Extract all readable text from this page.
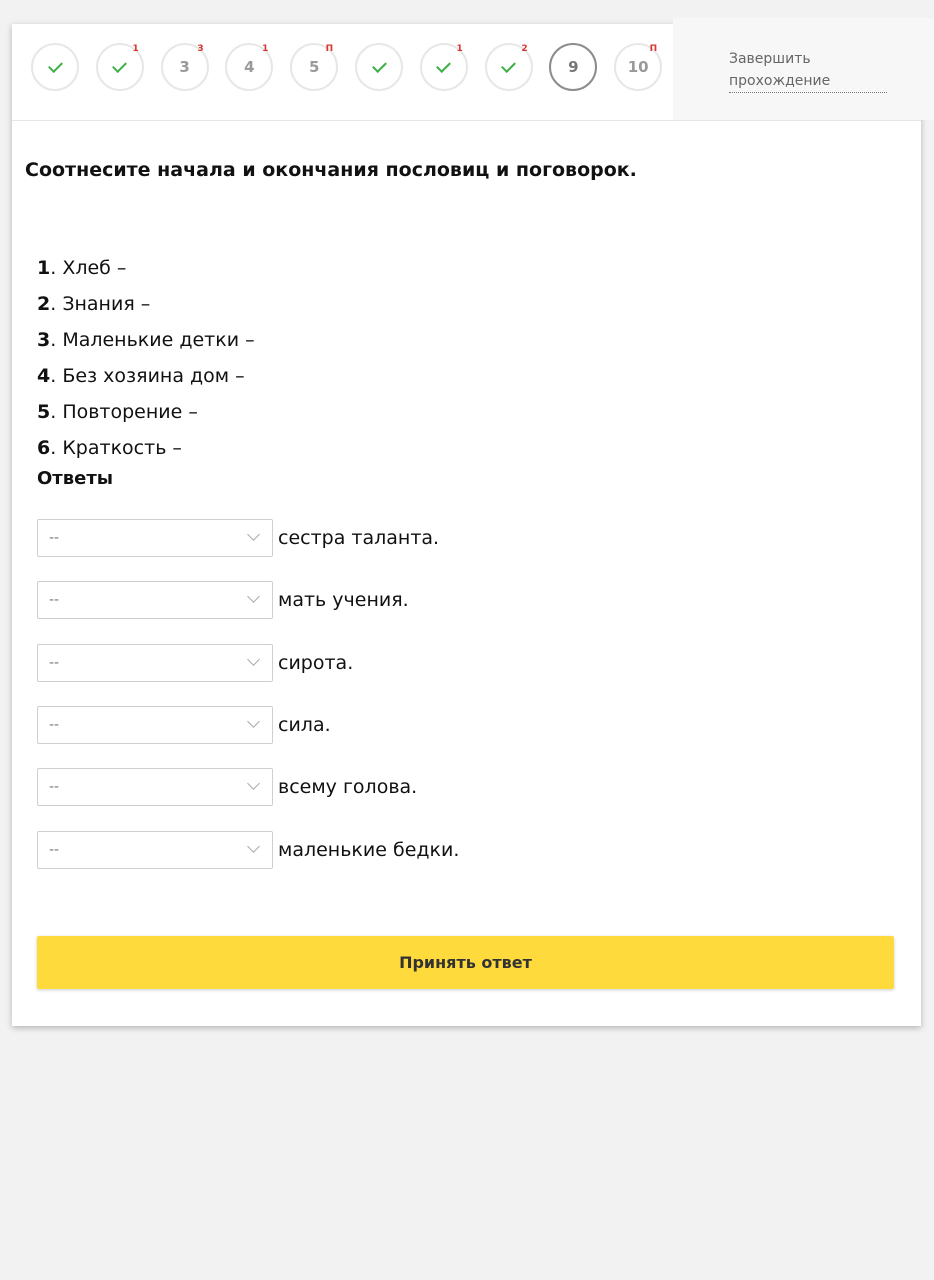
1
3
3
4
1
5
П	1	2
9	10
П
Завершить прохождение
Соотнесите начала и окончания пословиц и поговорок.
1. Хлеб –
2. Знания –
3. Маленькие детки –
4. Без хозяина дом –
5. Повторение –
6. Краткость –
Ответы
--	сестра таланта.
--	мать учения.
--	сирота.
--	сила.
--	всему голова.
--	маленькие бедки.
Принять ответ
